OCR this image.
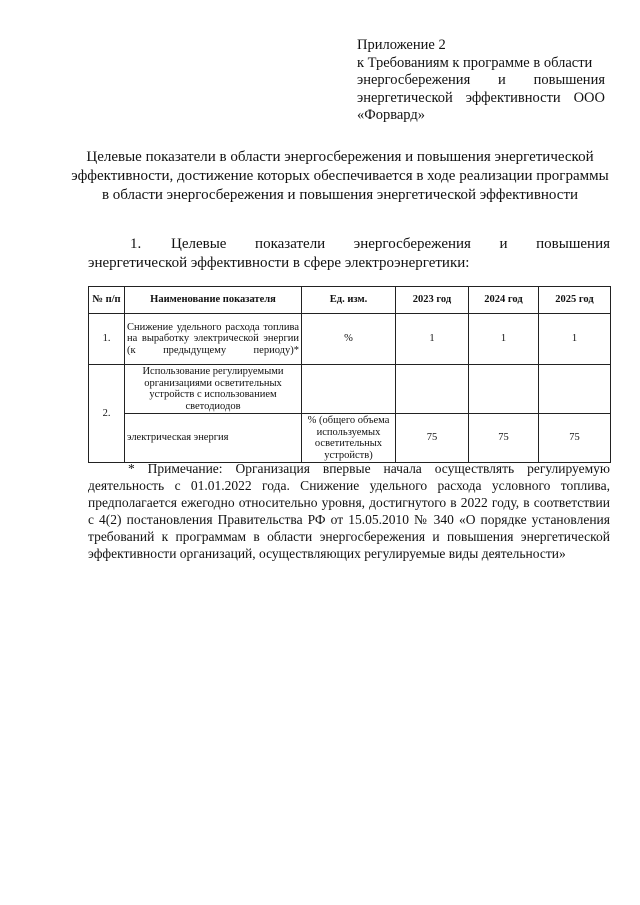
Приложение 2

к Требованиям к программе в области

энергосбережения и повышения

энергетической эффективности ООО

«Форвард»

Целевые показатели в области энергосбережения и повышения энергетической эффективности, достижение которых обеспечивается в ходе реализации программы в области энергосбережения и повышения энергетической эффективности

1. Целевые показатели энергосбережения и повышения энергетической эффективности в сфере электроэнергетики:

№ п/п	Наименование показателя	Ед. изм.	2023 год	2024 год	2025 год
1.	Снижение удельного расхода топлива на выработку электрической энергии (к предыдущему периоду)*	%	1	1	1
2.	Использование регулируемыми организациями осветительных устройств с использованием светодиодов				
	электрическая энергия	% (общего объема используемых осветительных устройств)	75	75	75

* Примечание: Организация впервые начала осуществлять регулируемую деятельность с 01.01.2022 года. Снижение удельного расхода условного топлива, предполагается ежегодно относительно уровня, достигнутого в 2022 году, в соответствии с 4(2) постановления Правительства РФ от 15.05.2010 № 340 «О порядке установления требований к программам в области энергосбережения и повышения энергетической эффективности организаций, осуществляющих регулируемые виды деятельности»
